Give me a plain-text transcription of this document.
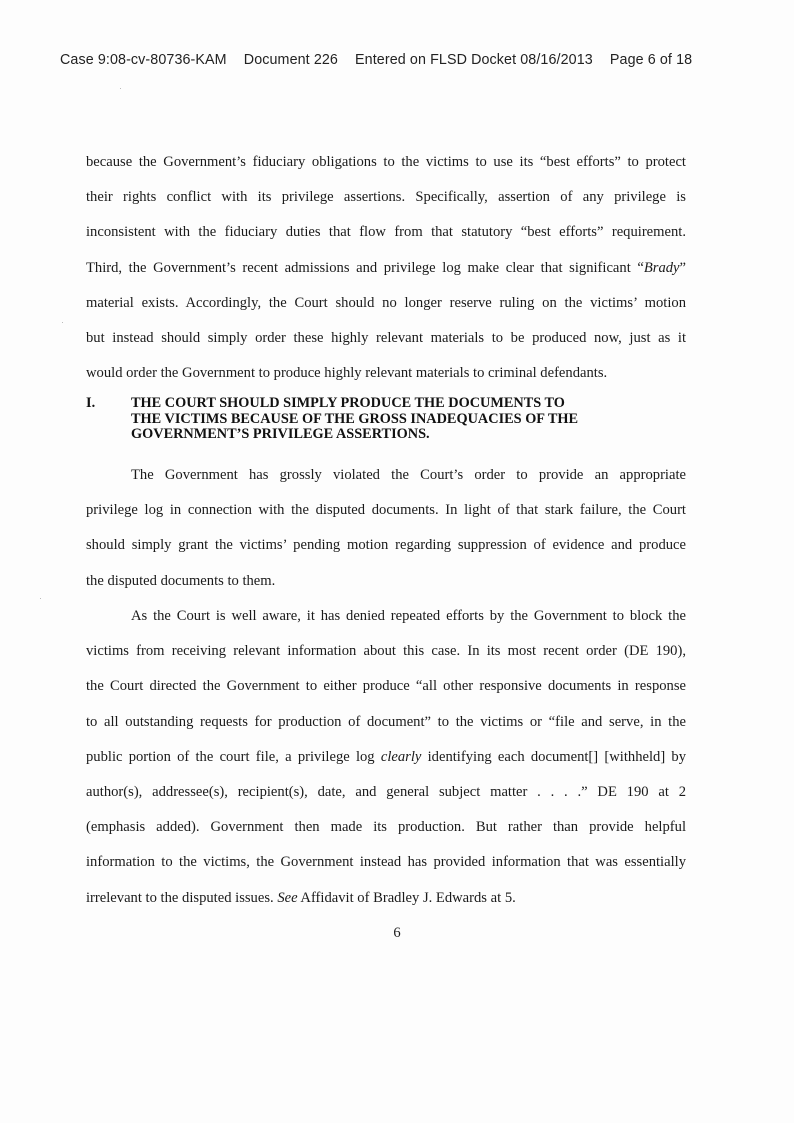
Case 9:08-cv-80736-KAM Document 226 Entered on FLSD Docket 08/16/2013 Page 6 of 18
because the Government’s fiduciary obligations to the victims to use its “best efforts” to protect
their rights conflict with its privilege assertions. Specifically, assertion of any privilege is
inconsistent with the fiduciary duties that flow from that statutory “best efforts” requirement.
Third, the Government’s recent admissions and privilege log make clear that significant “Brady”
material exists. Accordingly, the Court should no longer reserve ruling on the victims’ motion
but instead should simply order these highly relevant materials to be produced now, just as it
would order the Government to produce highly relevant materials to criminal defendants.
I.	THE COURT SHOULD SIMPLY PRODUCE THE DOCUMENTS TO
THE VICTIMS BECAUSE OF THE GROSS INADEQUACIES OF THE
GOVERNMENT’S PRIVILEGE ASSERTIONS.
The Government has grossly violated the Court’s order to provide an appropriate
privilege log in connection with the disputed documents. In light of that stark failure, the Court
should simply grant the victims’ pending motion regarding suppression of evidence and produce
the disputed documents to them.
As the Court is well aware, it has denied repeated efforts by the Government to block the
victims from receiving relevant information about this case. In its most recent order (DE 190),
the Court directed the Government to either produce “all other responsive documents in response
to all outstanding requests for production of document” to the victims or “file and serve, in the
public portion of the court file, a privilege log clearly identifying each document[] [withheld] by
author(s), addressee(s), recipient(s), date, and general subject matter . . . .” DE 190 at 2
(emphasis added). Government then made its production. But rather than provide helpful
information to the victims, the Government instead has provided information that was essentially
irrelevant to the disputed issues. See Affidavit of Bradley J. Edwards at 5.
6
